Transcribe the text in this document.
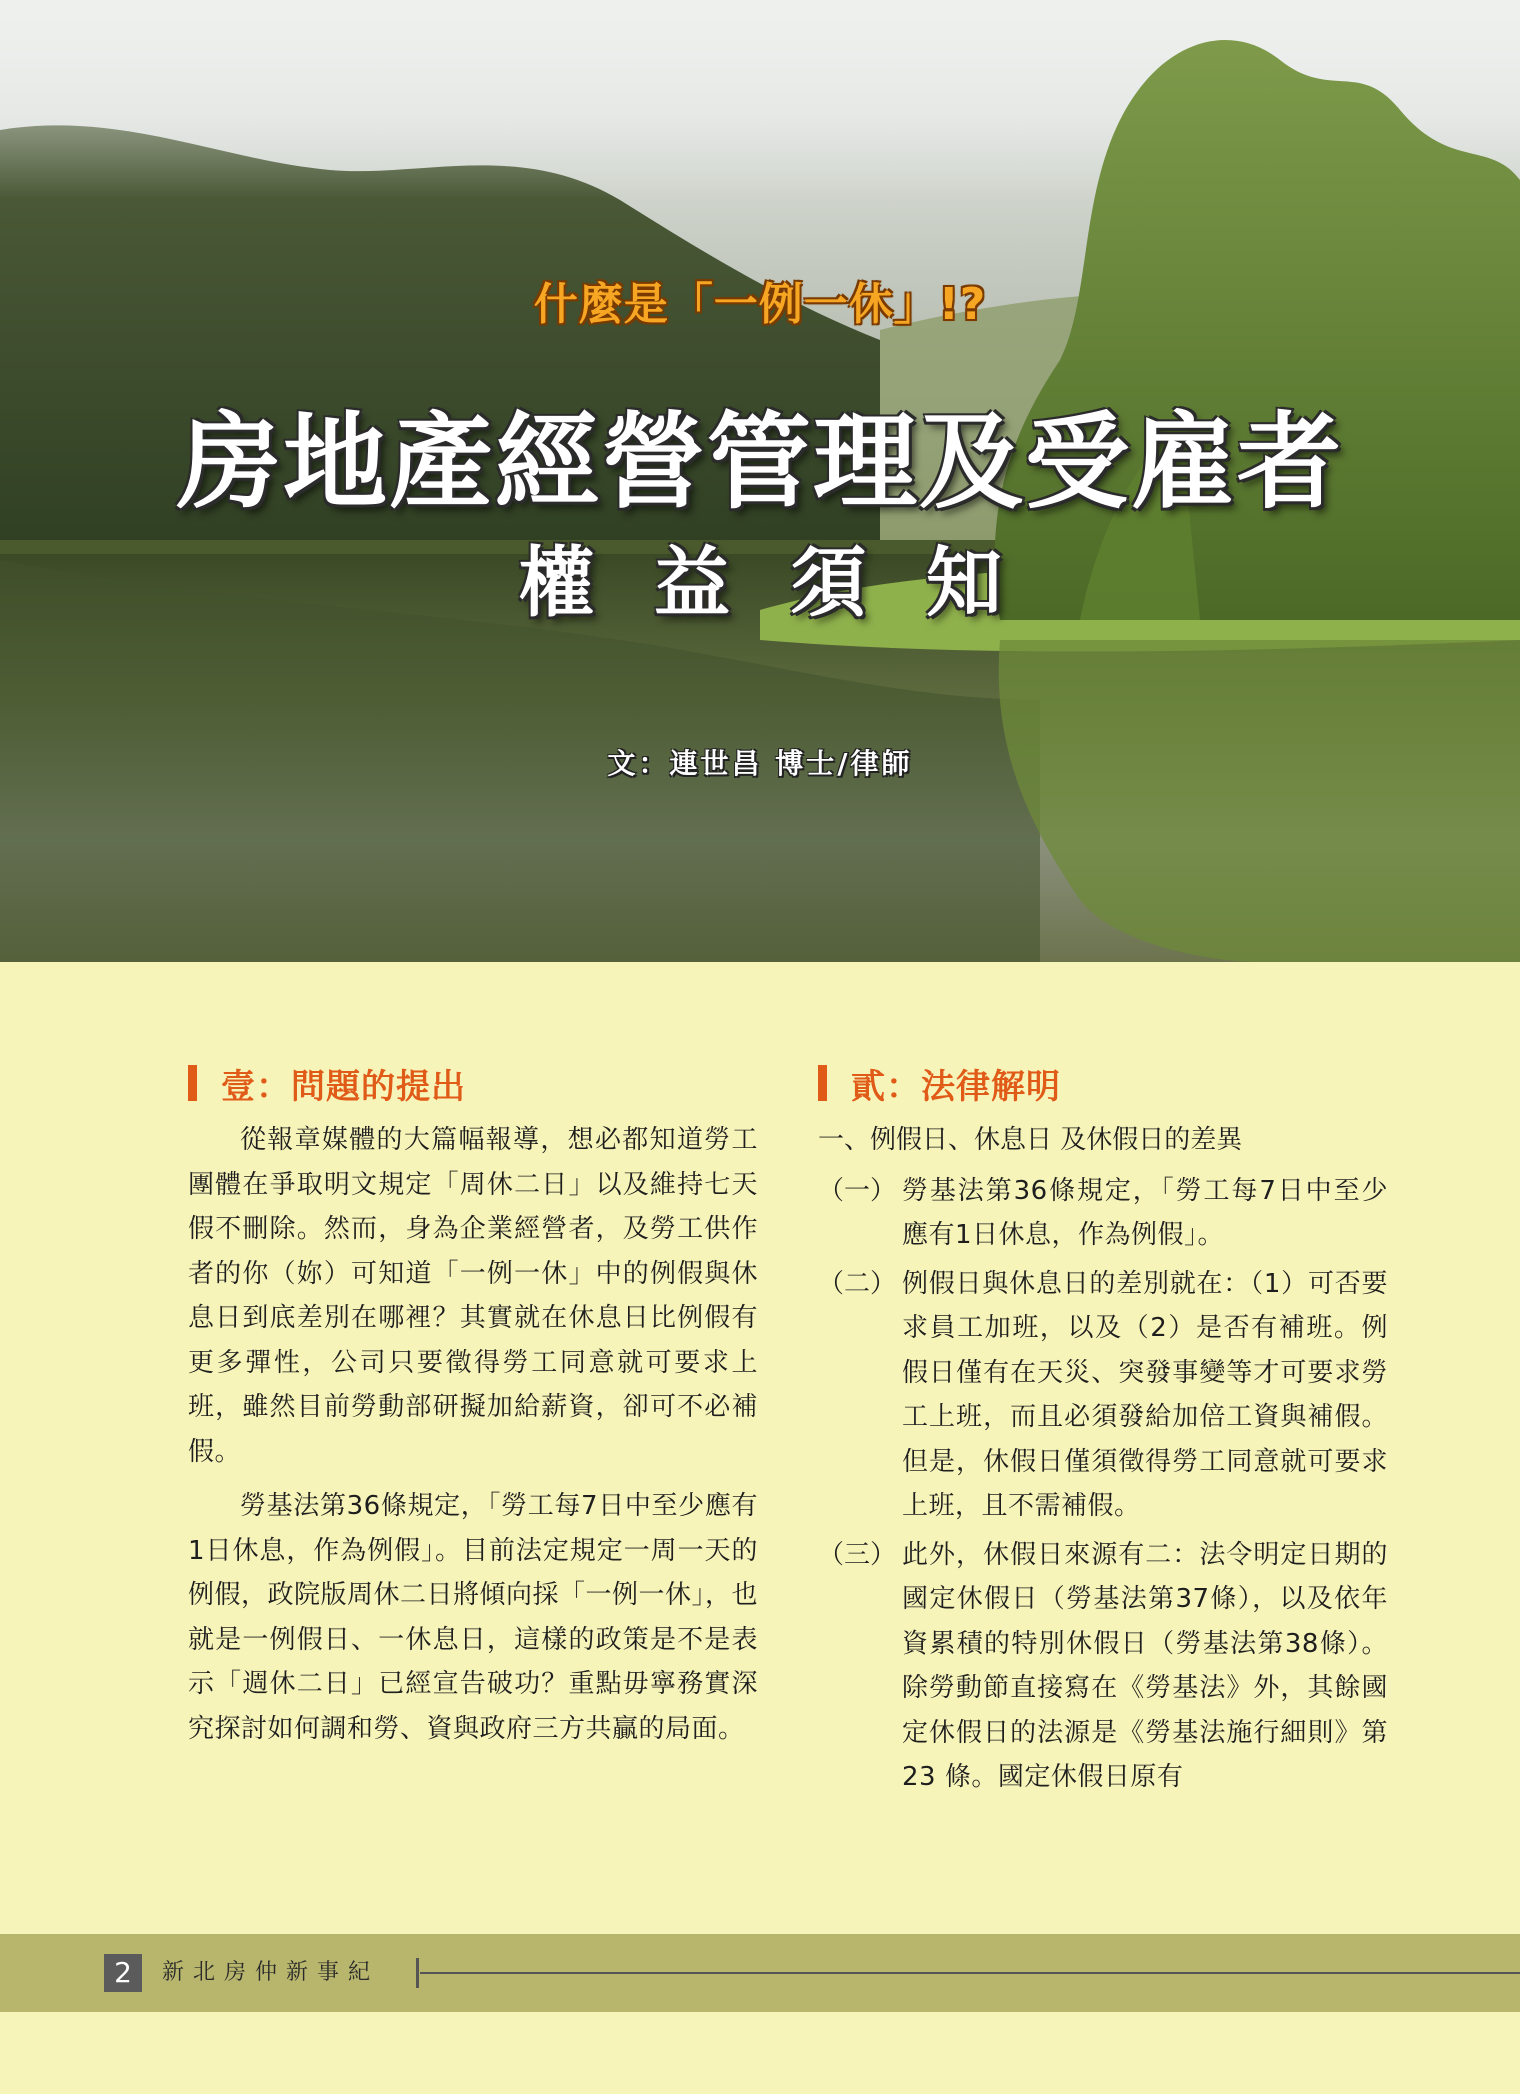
什麼是「一例一休」!?
房地產經營管理及受雇者
權益須知
文：連世昌 博士/律師
壹：問題的提出

從報章媒體的大篇幅報導，想必都知道勞工團體在爭取明文規定「周休二日」以及維持七天假不刪除。然而，身為企業經營者，及勞工供作者的你（妳）可知道「一例一休」中的例假與休息日到底差別在哪裡？其實就在休息日比例假有更多彈性，公司只要徵得勞工同意就可要求上班，雖然目前勞動部研擬加給薪資，卻可不必補假。

勞基法第36條規定，「勞工每7日中至少應有1日休息，作為例假」。目前法定規定一周一天的例假，政院版周休二日將傾向採「一例一休」，也就是一例假日、一休息日，這樣的政策是不是表示「週休二日」已經宣告破功？重點毋寧務實深究探討如何調和勞、資與政府三方共贏的局面。

貳：法律解明
一、例假日、休息日 及休假日的差異
（一） 勞基法第36條規定，「勞工每7日中至少應有1日休息，作為例假」。
（二） 例假日與休息日的差別就在：（1）可否要求員工加班，以及（2）是否有補班。例假日僅有在天災、突發事變等才可要求勞工上班，而且必須發給加倍工資與補假。但是，休假日僅須徵得勞工同意就可要求上班，且不需補假。
（三） 此外，休假日來源有二：法令明定日期的國定休假日（勞基法第37條），以及依年資累積的特別休假日（勞基法第38條）。除勞動節直接寫在《勞基法》外，其餘國定休假日的法源是《勞基法施行細則》第 23 條。國定休假日原有
2	新北房仲新事紀
